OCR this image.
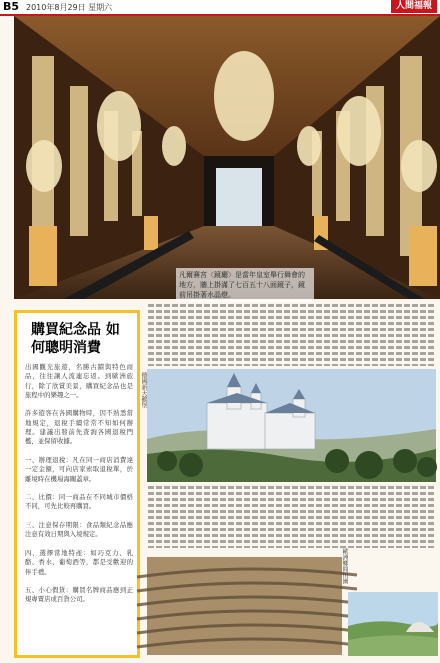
B5 2010年8月29日 星期六	人間福報
凡爾賽宮〈鏡廳〉是當年皇室舉行舞會的地方，牆上掛滿了七百五十八面鏡子，鏡前吊掛著水晶燈。
購買紀念品 如何聰明消費
出國觀光旅遊，名勝古蹟與特色商品，往往讓人流連忘返。到歐洲旅行，除了欣賞美景，購買紀念品也是旅程中的樂趣之一。

許多遊客在各國購物時，因不熟悉當地規定，退稅手續常常不知如何辦理。建議出發前先查詢各國退稅門檻，並保留收據。

一、辦理退稅：凡在同一商店消費達一定金額，可向店家索取退稅單，於離境時在機場海關蓋章。

二、比價：同一商品在不同城市價格不同，可先比較再購買。

三、注意保存期限：食品類紀念品應注意有效日期與入境規定。

四、選擇當地特產：如巧克力、乳酪、香水、葡萄酒等，都是受歡迎的伴手禮。

五、小心假貨：購買名牌商品應到正規專賣店或百貨公司。
德國新天鵝堡
歐洲鄉間田園
